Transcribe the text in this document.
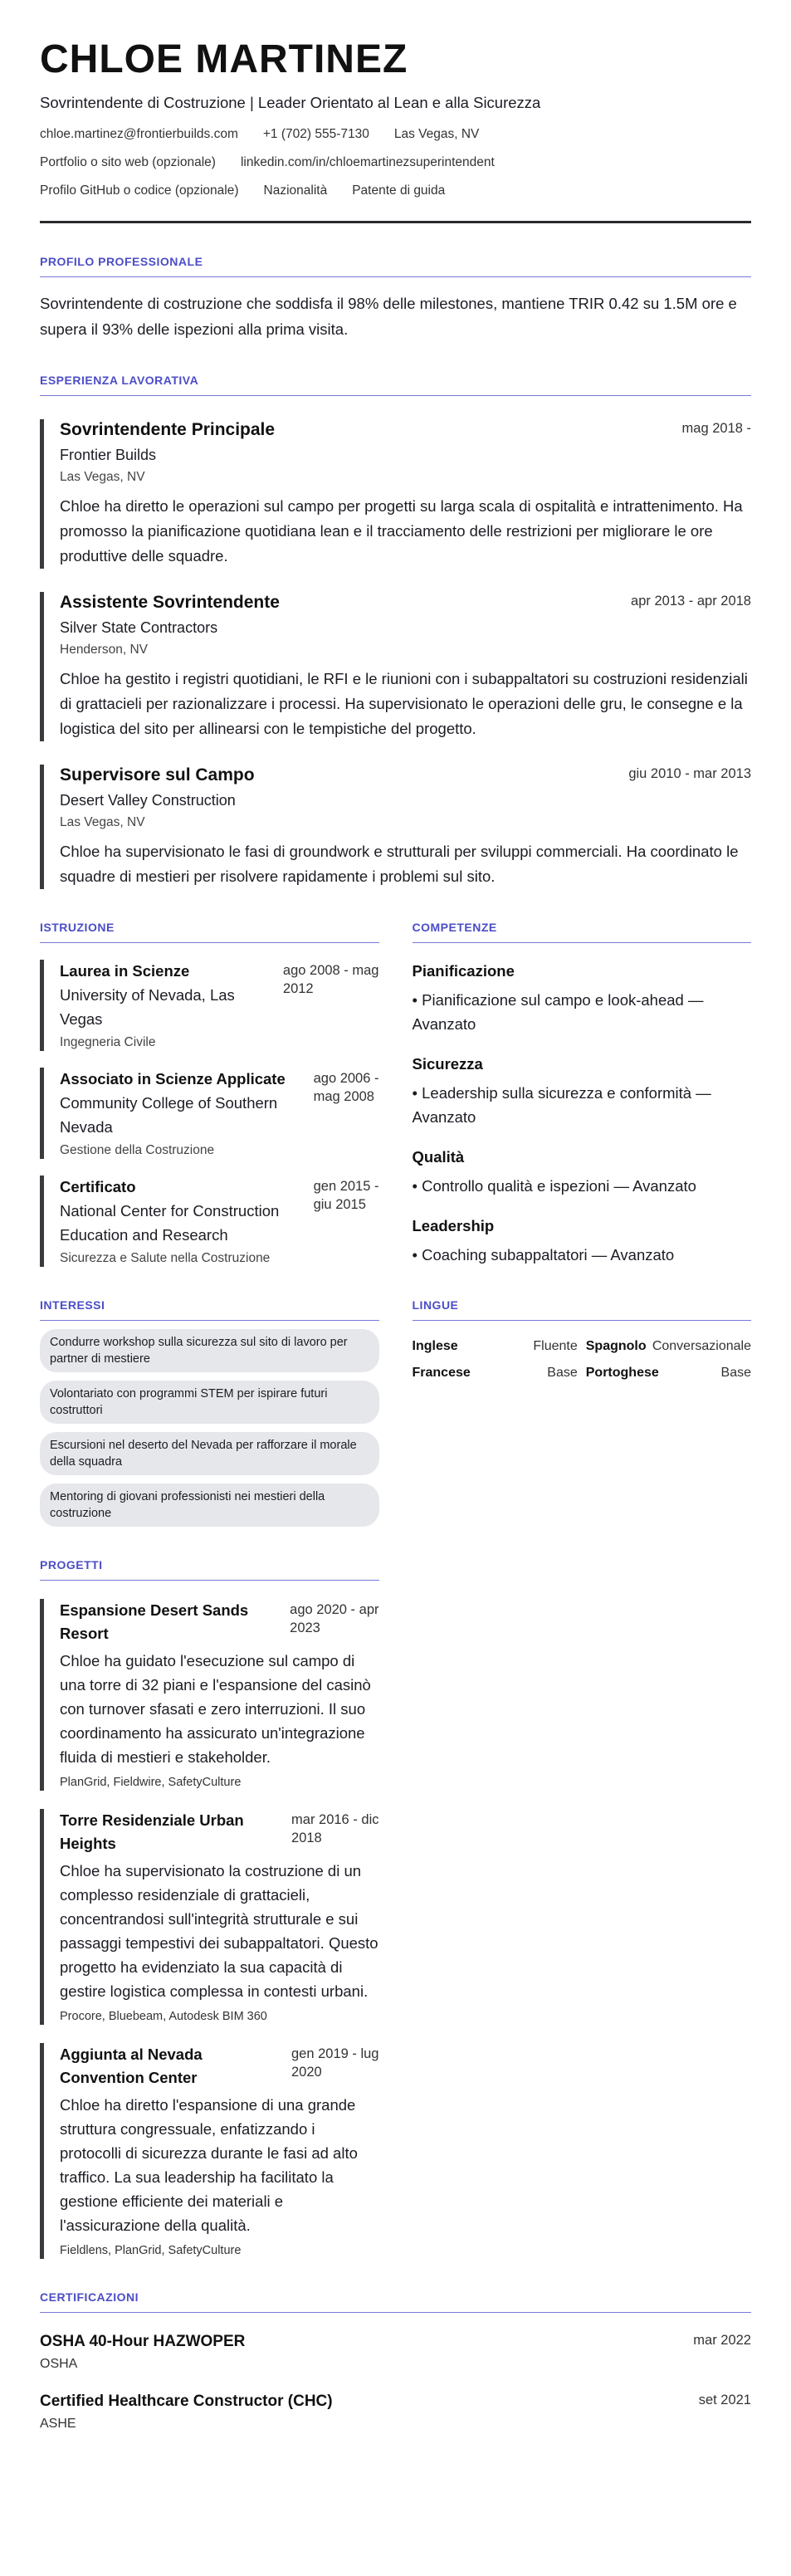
CHLOE MARTINEZ
Sovrintendente di Costruzione | Leader Orientato al Lean e alla Sicurezza
chloe.martinez@frontierbuilds.com +1 (702) 555-7130 Las Vegas, NV
Portfolio o sito web (opzionale) linkedin.com/in/chloemartinezsuperintendent
Profilo GitHub o codice (opzionale) Nazionalità Patente di guida
PROFILO PROFESSIONALE

Sovrintendente di costruzione che soddisfa il 98% delle milestones, mantiene TRIR 0.42 su 1.5M ore e supera il 93% delle ispezioni alla prima visita.

ESPERIENZA LAVORATIVA
Sovrintendente Principale	mag 2018 -
Frontier Builds
Las Vegas, NV

Chloe ha diretto le operazioni sul campo per progetti su larga scala di ospitalità e intrattenimento. Ha promosso la pianificazione quotidiana lean e il tracciamento delle restrizioni per migliorare le ore produttive delle squadre.

Assistente Sovrintendente	apr 2013 - apr 2018
Silver State Contractors
Henderson, NV

Chloe ha gestito i registri quotidiani, le RFI e le riunioni con i subappaltatori su costruzioni residenziali di grattacieli per razionalizzare i processi. Ha supervisionato le operazioni delle gru, le consegne e la logistica del sito per allinearsi con le tempistiche del progetto.

Supervisore sul Campo	giu 2010 - mar 2013
Desert Valley Construction
Las Vegas, NV

Chloe ha supervisionato le fasi di groundwork e strutturali per sviluppi commerciali. Ha coordinato le squadre di mestieri per risolvere rapidamente i problemi sul sito.

ISTRUZIONE
Laurea in Scienze
University of Nevada, Las Vegas
ago 2008 - mag
2012
Ingegneria Civile
Associato in Scienze Applicate
Community College of Southern Nevada
ago 2006 -
mag 2008
Gestione della Costruzione
Certificato
National Center for Construction Education and Research
gen 2015 -
giu 2015
Sicurezza e Salute nella Costruzione
COMPETENZE
Pianificazione
• Pianificazione sul campo e look-ahead — Avanzato
Sicurezza
• Leadership sulla sicurezza e conformità — Avanzato
Qualità
• Controllo qualità e ispezioni — Avanzato
Leadership
• Coaching subappaltatori — Avanzato
INTERESSI
Condurre workshop sulla sicurezza sul sito di lavoro per partner di mestiere
Volontariato con programmi STEM per ispirare futuri costruttori
Escursioni nel deserto del Nevada per rafforzare il morale della squadra
Mentoring di giovani professionisti nei mestieri della costruzione
LINGUE
Inglese	Fluente Spagnolo Conversazionale
Francese	Base Portoghese	Base
PROGETTI
Espansione Desert Sands
Resort
ago 2020 - apr
2023

Chloe ha guidato l'esecuzione sul campo di una torre di 32 piani e l'espansione del casinò con turnover sfasati e zero interruzioni. Il suo coordinamento ha assicurato un'integrazione fluida di mestieri e stakeholder.

PlanGrid, Fieldwire, SafetyCulture
Torre Residenziale Urban
Heights
mar 2016 - dic
2018

Chloe ha supervisionato la costruzione di un complesso residenziale di grattacieli, concentrandosi sull'integrità strutturale e sui passaggi tempestivi dei subappaltatori. Questo progetto ha evidenziato la sua capacità di gestire logistica complessa in contesti urbani.

Procore, Bluebeam, Autodesk BIM 360
Aggiunta al Nevada
Convention Center
gen 2019 - lug
2020

Chloe ha diretto l'espansione di una grande struttura congressuale, enfatizzando i protocolli di sicurezza durante le fasi ad alto traffico. La sua leadership ha facilitato la gestione efficiente dei materiali e l'assicurazione della qualità.

Fieldlens, PlanGrid, SafetyCulture
CERTIFICAZIONI
OSHA 40-Hour HAZWOPER
OSHA
mar 2022
Certified Healthcare Constructor (CHC)
ASHE
set 2021
